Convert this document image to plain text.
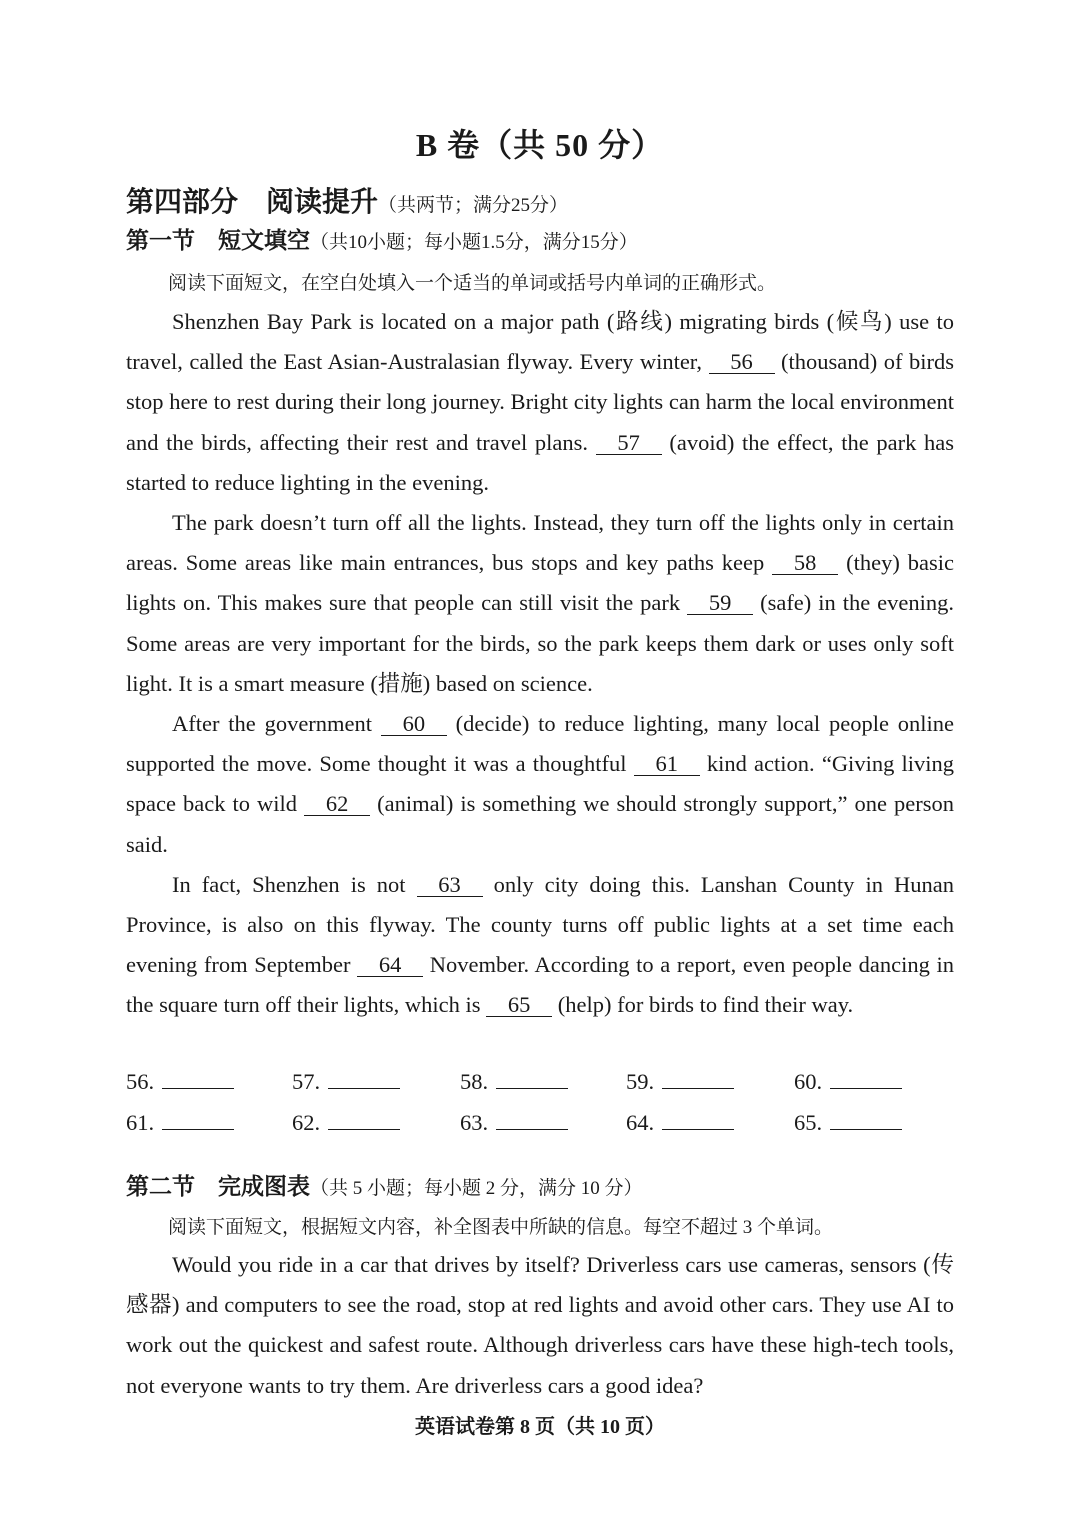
B 卷（共 50 分）
第四部分　阅读提升（共两节；满分25分）
第一节　短文填空（共10小题；每小题1.5分，满分15分）
阅读下面短文，在空白处填入一个适当的单词或括号内单词的正确形式。

Shenzhen Bay Park is located on a major path (路线) migrating birds (候鸟) use to travel, called the East Asian-Australasian flyway. Every winter, 56 (thousand) of birds stop here to rest during their long journey. Bright city lights can harm the local environment and the birds, affecting their rest and travel plans. 57 (avoid) the effect, the park has started to reduce lighting in the evening.

The park doesn’t turn off all the lights. Instead, they turn off the lights only in certain areas. Some areas like main entrances, bus stops and key paths keep 58 (they) basic lights on. This makes sure that people can still visit the park 59 (safe) in the evening. Some areas are very important for the birds, so the park keeps them dark or uses only soft light. It is a smart measure (措施) based on science.

After the government 60 (decide) to reduce lighting, many local people online supported the move. Some thought it was a thoughtful 61 kind action. “Giving living space back to wild 62 (animal) is something we should strongly support,” one person said.

In fact, Shenzhen is not 63 only city doing this. Lanshan County in Hunan Province, is also on this flyway. The county turns off public lights at a set time each evening from September 64 November. According to a report, even people dancing in the square turn off their lights, which is 65 (help) for birds to find their way.

56.	57.	58.	59.	60.
61.	62.	63.	64.	65.
第二节　完成图表（共 5 小题；每小题 2 分，满分 10 分）
阅读下面短文，根据短文内容，补全图表中所缺的信息。每空不超过 3 个单词。

Would you ride in a car that drives by itself? Driverless cars use cameras, sensors (传感器) and computers to see the road, stop at red lights and avoid other cars. They use AI to work out the quickest and safest route. Although driverless cars have these high-tech tools, not everyone wants to try them. Are driverless cars a good idea?

英语试卷第 8 页（共 10 页）
